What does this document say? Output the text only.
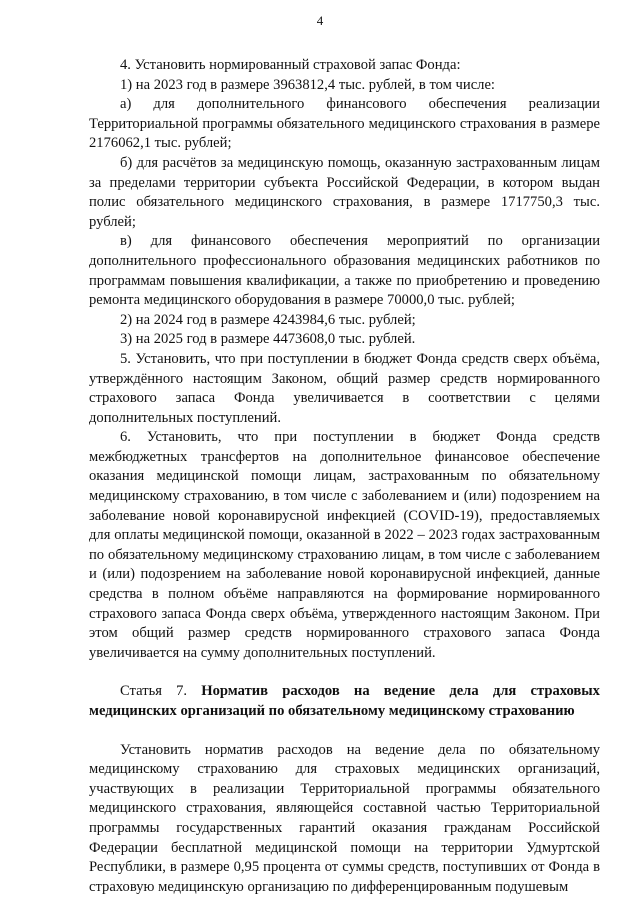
4

4. Установить нормированный страховой запас Фонда:

1) на 2023 год в размере 3963812,4 тыс. рублей, в том числе:

а) для дополнительного финансового обеспечения реализации Территориальной программы обязательного медицинского страхования в размере 2176062,1 тыс. рублей;

б) для расчётов за медицинскую помощь, оказанную застрахованным лицам за пределами территории субъекта Российской Федерации, в котором выдан полис обязательного медицинского страхования, в размере 1717750,3 тыс. рублей;

в) для финансового обеспечения мероприятий по организации дополнительного профессионального образования медицинских работников по программам повышения квалификации, а также по приобретению и проведению ремонта медицинского оборудования в размере 70000,0 тыс. рублей;

2) на 2024 год в размере 4243984,6 тыс. рублей;

3) на 2025 год в размере 4473608,0 тыс. рублей.

5. Установить, что при поступлении в бюджет Фонда средств сверх объёма, утверждённого настоящим Законом, общий размер средств нормированного страхового запаса Фонда увеличивается в соответствии с целями дополнительных поступлений.

6. Установить, что при поступлении в бюджет Фонда средств межбюджетных трансфертов на дополнительное финансовое обеспечение оказания медицинской помощи лицам, застрахованным по обязательному медицинскому страхованию, в том числе с заболеванием и (или) подозрением на заболевание новой коронавирусной инфекцией (COVID-19), предоставляемых для оплаты медицинской помощи, оказанной в 2022 – 2023 годах застрахованным по обязательному медицинскому страхованию лицам, в том числе с заболеванием и (или) подозрением на заболевание новой коронавирусной инфекцией, данные средства в полном объёме направляются на формирование нормированного страхового запаса Фонда сверх объёма, утвержденного настоящим Законом. При этом общий размер средств нормированного страхового запаса Фонда увеличивается на сумму дополнительных поступлений.

Статья 7. Норматив расходов на ведение дела для страховых медицинских организаций по обязательному медицинскому страхованию

Установить норматив расходов на ведение дела по обязательному медицинскому страхованию для страховых медицинских организаций, участвующих в реализации Территориальной программы обязательного медицинского страхования, являющейся составной частью Территориальной программы государственных гарантий оказания гражданам Российской Федерации бесплатной медицинской помощи на территории Удмуртской Республики, в размере 0,95 процента от суммы средств, поступивших от Фонда в страховую медицинскую организацию по дифференцированным подушевым
